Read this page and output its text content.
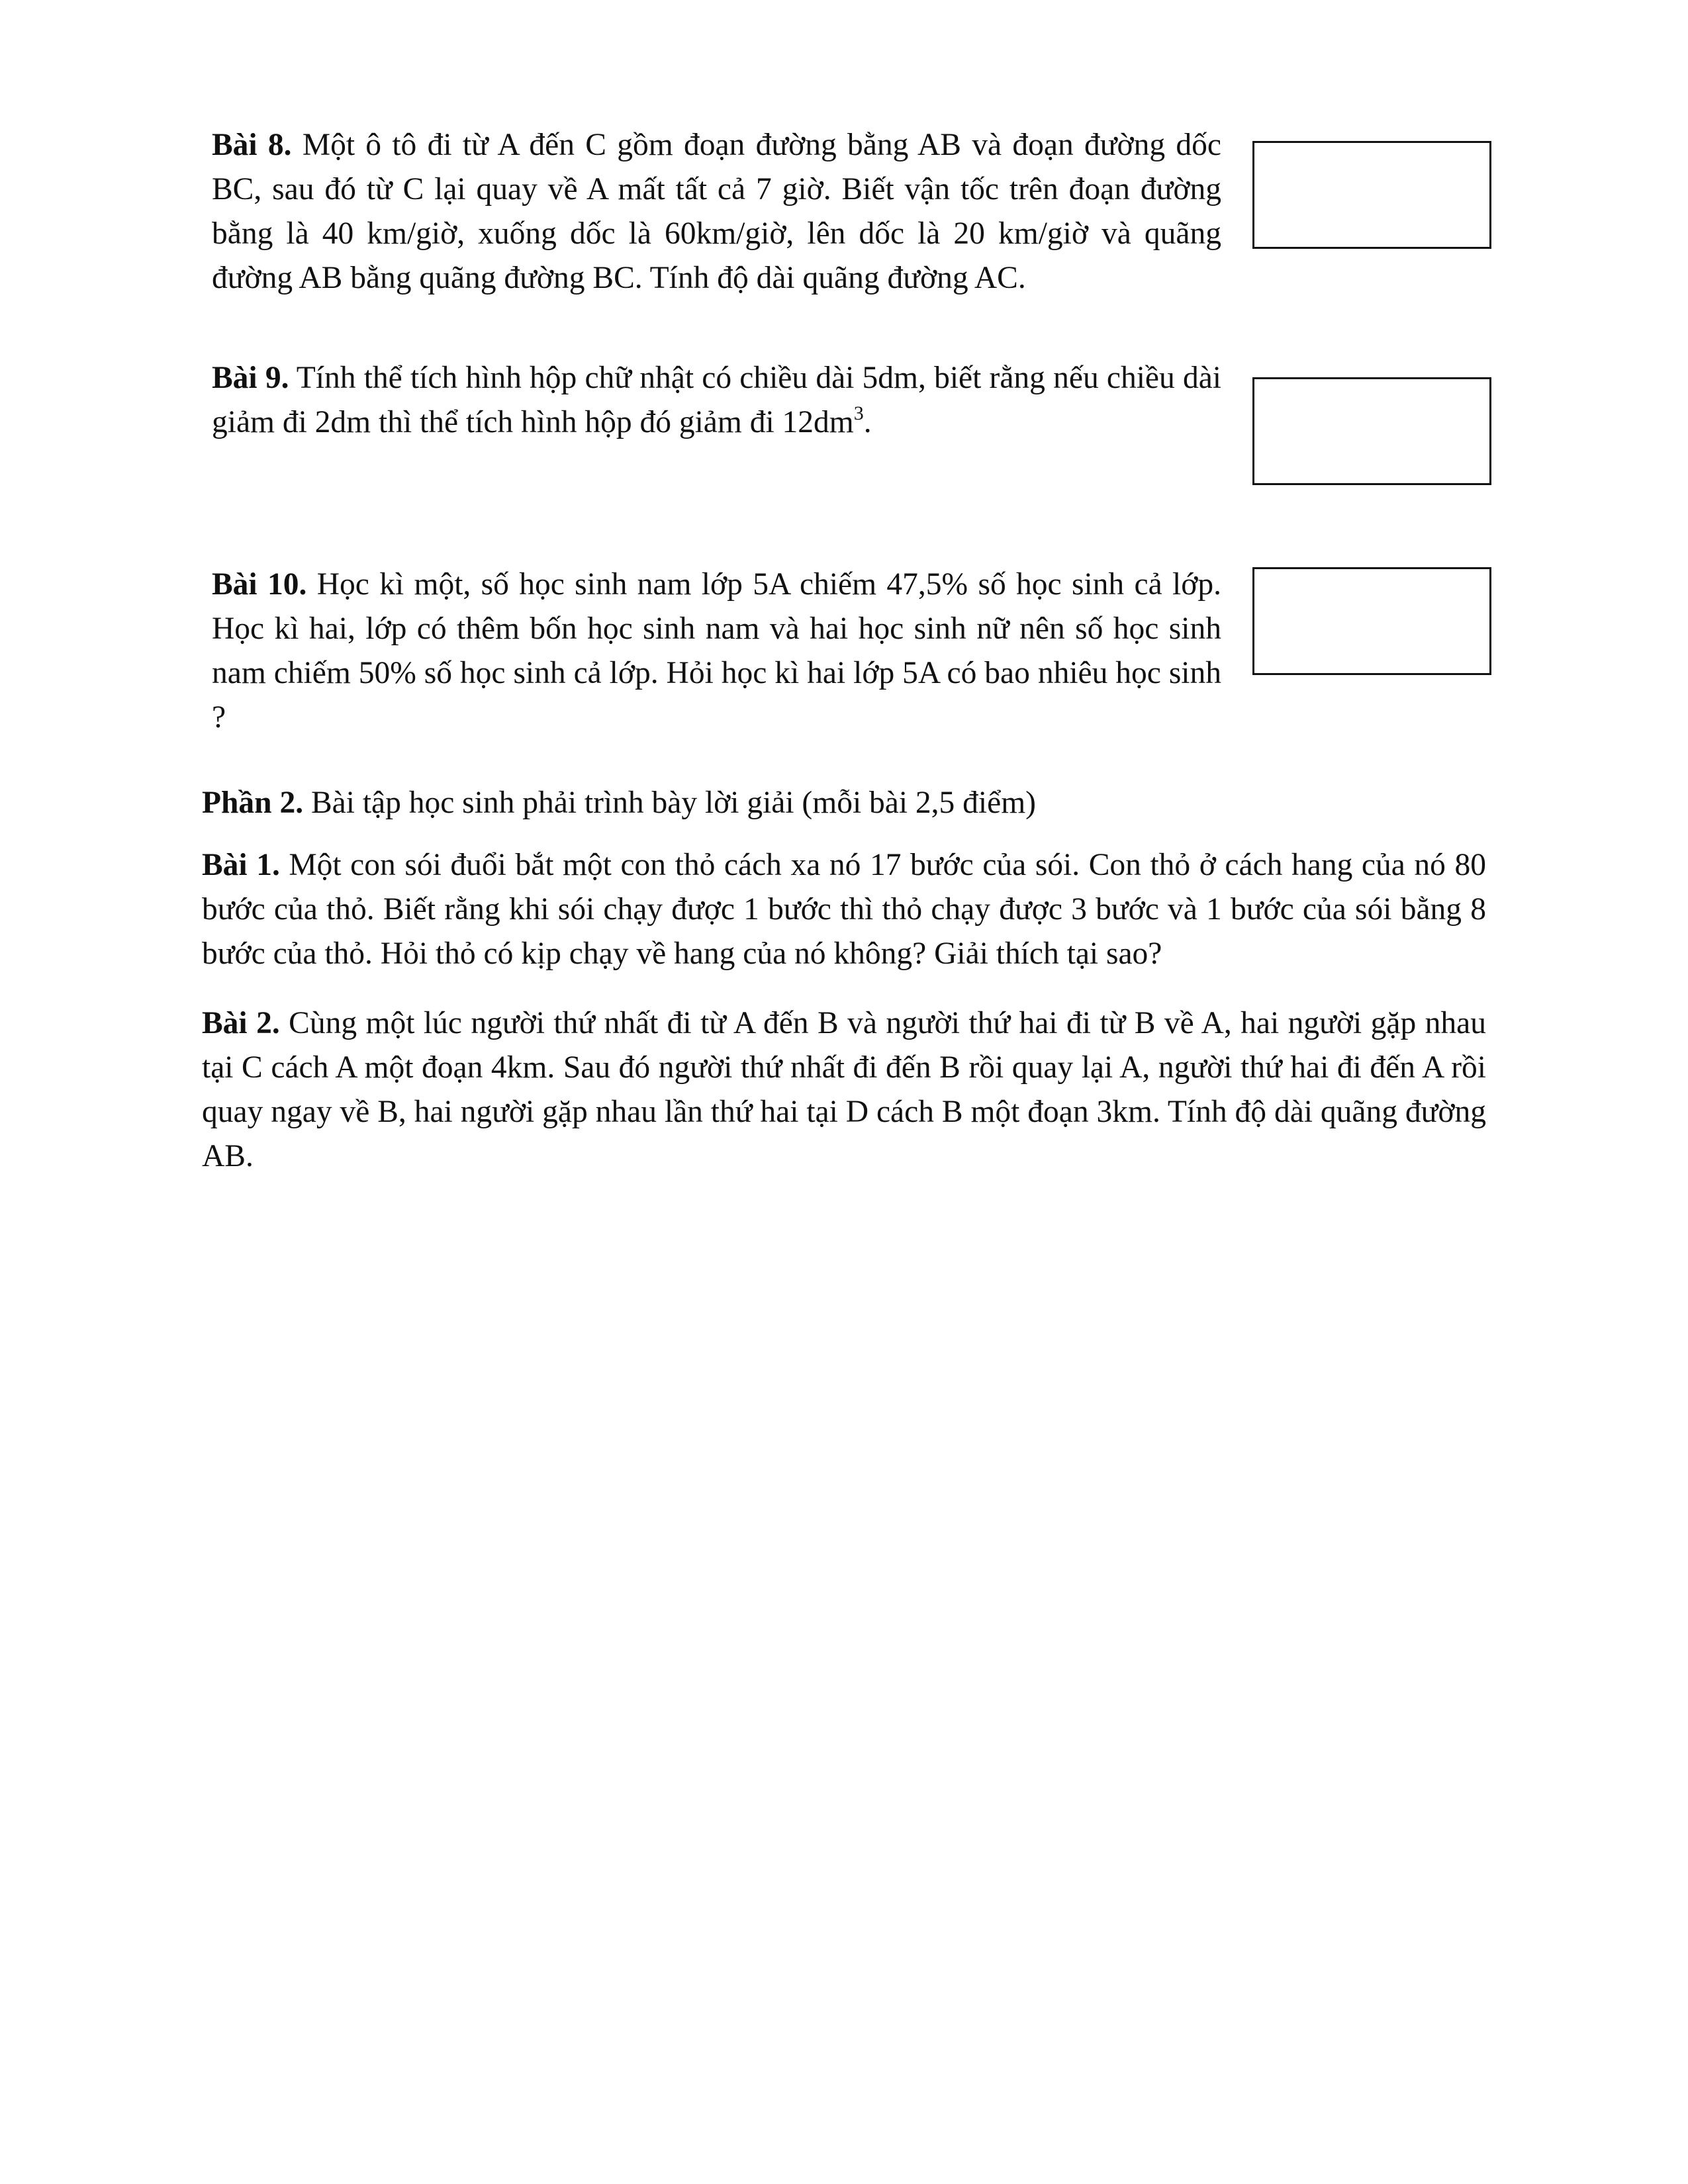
Bài 8. Một ô tô đi từ A đến C gồm đoạn đường bằng AB và đoạn đường dốc BC, sau đó từ C lại quay về A mất tất cả 7 giờ. Biết vận tốc trên đoạn đường bằng là 40 km/giờ, xuống dốc là 60km/giờ, lên dốc là 20 km/giờ và quãng đường AB bằng quãng đường BC. Tính độ dài quãng đường AC.

Bài 9. Tính thể tích hình hộp chữ nhật có chiều dài 5dm, biết rằng nếu chiều dài giảm đi 2dm thì thể tích hình hộp đó giảm đi $12dm^3$.

Bài 10. Học kì một, số học sinh nam lớp 5A chiếm 47,5% số học sinh cả lớp. Học kì hai, lớp có thêm bốn học sinh nam và hai học sinh nữ nên số học sinh nam chiếm 50% số học sinh cả lớp. Hỏi học kì hai lớp 5A có bao nhiêu học sinh ?

Phần 2. Bài tập học sinh phải trình bày lời giải (mỗi bài 2,5 điểm)

Bài 1. Một con sói đuổi bắt một con thỏ cách xa nó 17 bước của sói. Con thỏ ở cách hang của nó 80 bước của thỏ. Biết rằng khi sói chạy được 1 bước thì thỏ chạy được 3 bước và 1 bước của sói bằng 8 bước của thỏ. Hỏi thỏ có kịp chạy về hang của nó không? Giải thích tại sao?

Bài 2. Cùng một lúc người thứ nhất đi từ A đến B và người thứ hai đi từ B về A, hai người gặp nhau tại C cách A một đoạn 4km. Sau đó người thứ nhất đi đến B rồi quay lại A, người thứ hai đi đến A rồi quay ngay về B, hai người gặp nhau lần thứ hai tại D cách B một đoạn 3km. Tính độ dài quãng đường AB.
